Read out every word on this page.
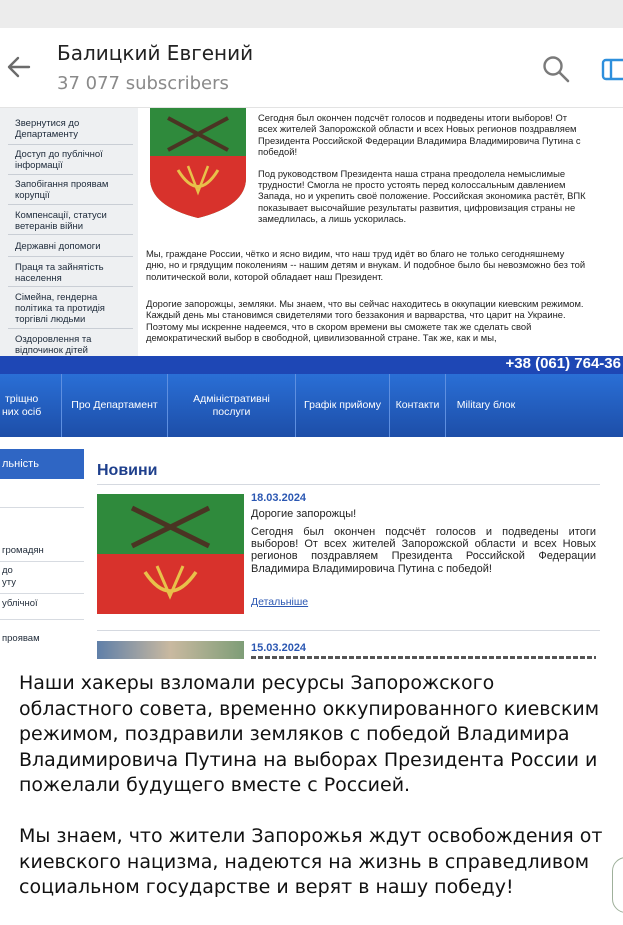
Балицкий Евгений
37 077 subscribers
Звернутися до Департаменту
Доступ до публічної інформації
Запобігання проявам корупції
Компенсації, статуси ветеранів війни
Державні допомоги
Праця та зайнятість населення
Сімейна, гендерна політика та протидія торгівлі людьми
Оздоровлення та відпочинок дітей

Сегодня был окончен подсчёт голосов и подведены итоги выборов! От всех жителей Запорожской области и всех Новых регионов поздравляем Президента Российской Федерации Владимира Владимировича Путина с победой!

Под руководством Президента наша страна преодолела немыслимые трудности! Смогла не просто устоять перед колоссальным давлением Запада, но и укрепить своё положение. Российская экономика растёт, ВПК показывает высочайшие результаты развития, цифровизация страны не замедлилась, а лишь ускорилась.

Мы, граждане России, чётко и ясно видим, что наш труд идёт во благо не только сегодняшнему дню, но и грядущим поколениям -- нашим детям и внукам. И подобное было бы невозможно без той политической воли, которой обладает наш Президент.
Дорогие запорожцы, земляки. Мы знаем, что вы сейчас находитесь в оккупации киевским режимом. Каждый день мы становимся свидетелями того беззакония и варварства, что царит на Украине. Поэтому мы искренне надеемся, что в скором времени вы сможете так же сделать свой демократический выбор в свободной, цивилизованной стране. Так же, как и мы,
+38 (061) 764-36
тріщно
них осіб
Про Департамент
Адміністративні
послуги
Графік прийому	Контакти	Military блок
льність
громадян
до
уту
ублічної
проявам
Новини
18.03.2024
Дорогие запорожцы!
Сегодня был окончен подсчёт голосов и подведены итоги выборов! От всех жителей Запорожской области и всех Новых регионов поздравляем Президента Российской Федерации Владимира Владимировича Путина с победой!
Детальніше
15.03.2024
Наши хакеры взломали ресурсы Запорожского областного совета, временно оккупированного киевским режимом, поздравили земляков с победой Владимира Владимировича Путина на выборах Президента России и пожелали будущего вместе с Россией.

Мы знаем, что жители Запорожья ждут освобождения от киевского нацизма, надеются на жизнь в справедливом социальном государстве и верят в нашу победу!
